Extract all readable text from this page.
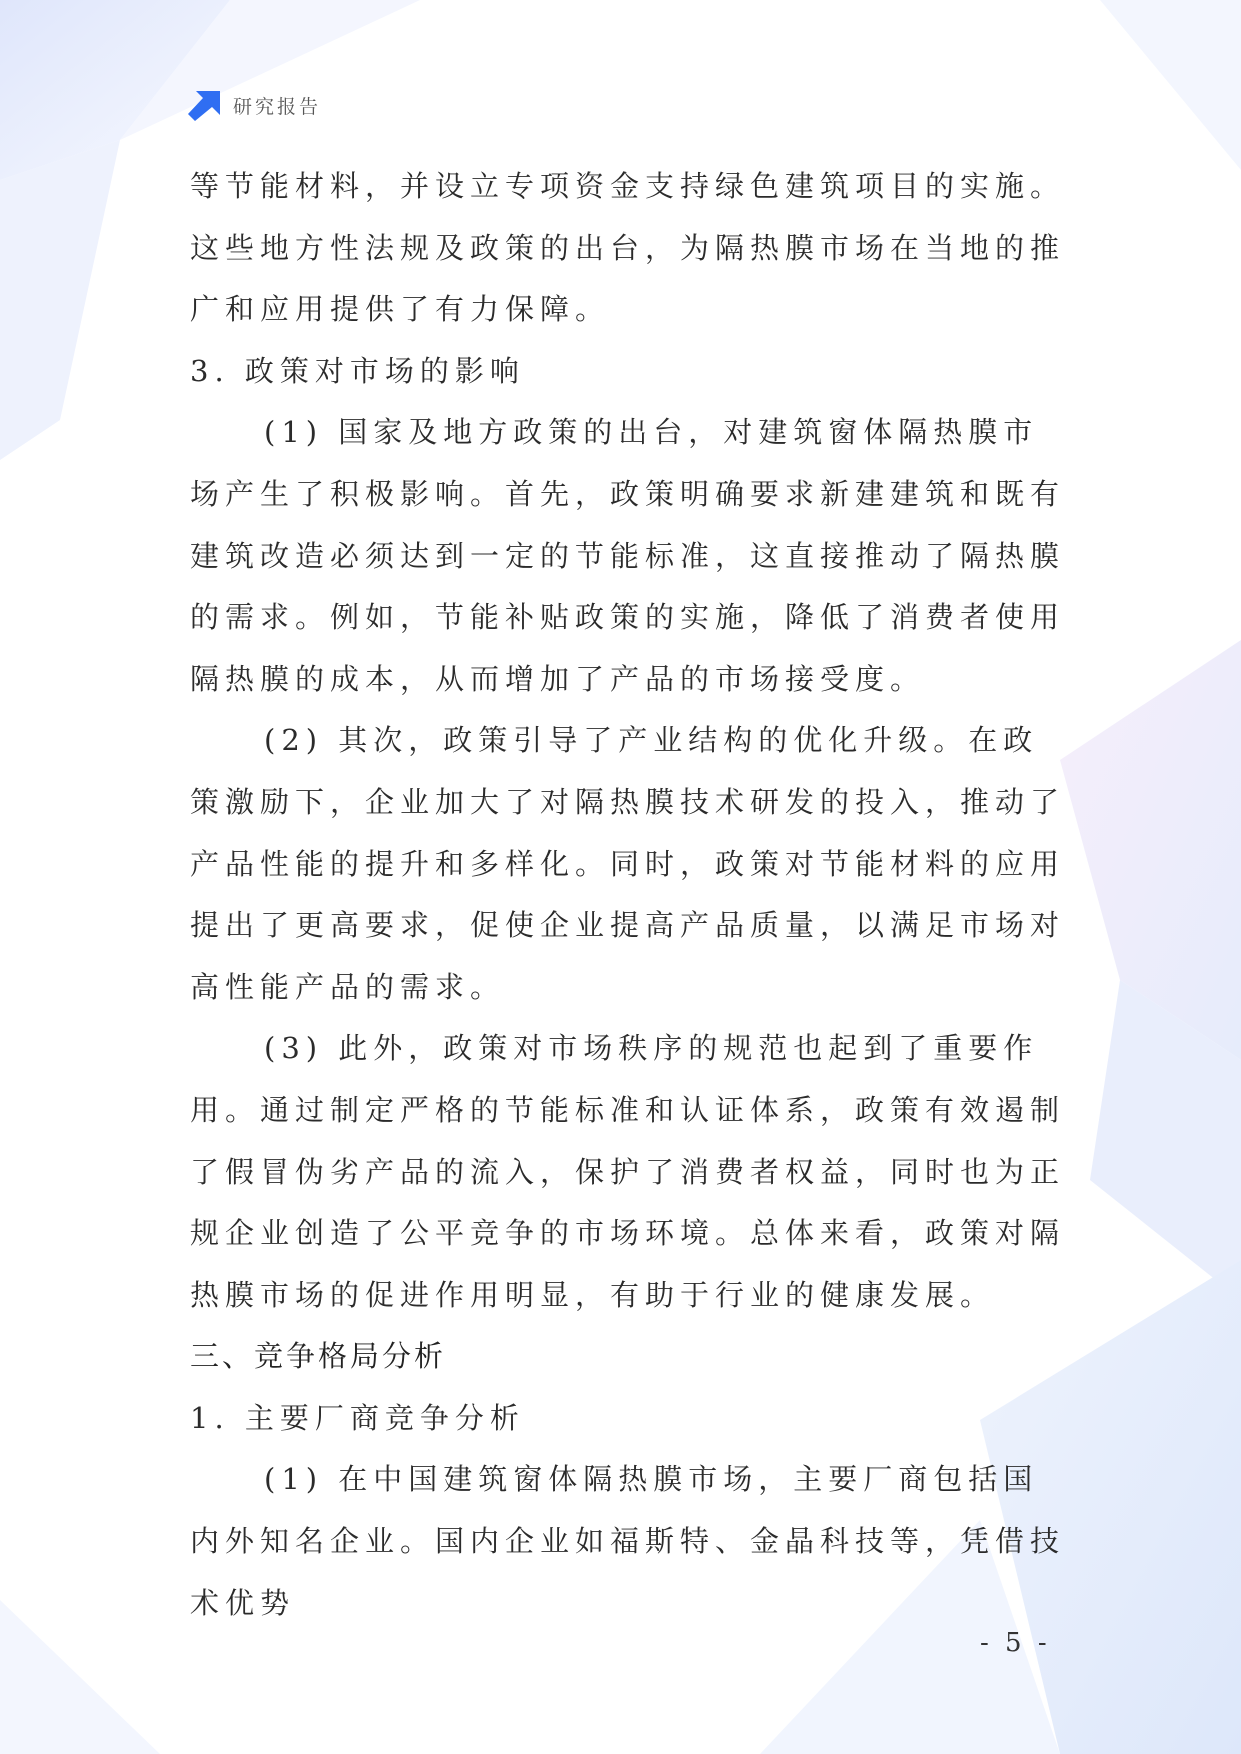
研究报告

等节能材料，并设立专项资金支持绿色建筑项目的实施。这些地方性法规及政策的出台，为隔热膜市场在当地的推广和应用提供了有力保障。

3. 政策对市场的影响

(1) 国家及地方政策的出台，对建筑窗体隔热膜市场产生了积极影响。首先，政策明确要求新建建筑和既有建筑改造必须达到一定的节能标准，这直接推动了隔热膜的需求。例如，节能补贴政策的实施，降低了消费者使用隔热膜的成本，从而增加了产品的市场接受度。

(2) 其次，政策引导了产业结构的优化升级。在政策激励下，企业加大了对隔热膜技术研发的投入，推动了产品性能的提升和多样化。同时，政策对节能材料的应用提出了更高要求，促使企业提高产品质量，以满足市场对高性能产品的需求。

(3) 此外，政策对市场秩序的规范也起到了重要作用。通过制定严格的节能标准和认证体系，政策有效遏制了假冒伪劣产品的流入，保护了消费者权益，同时也为正规企业创造了公平竞争的市场环境。总体来看，政策对隔热膜市场的促进作用明显，有助于行业的健康发展。

三、竞争格局分析

1. 主要厂商竞争分析

(1) 在中国建筑窗体隔热膜市场，主要厂商包括国内外知名企业。国内企业如福斯特、金晶科技等，凭借技术优势

- 5 -
